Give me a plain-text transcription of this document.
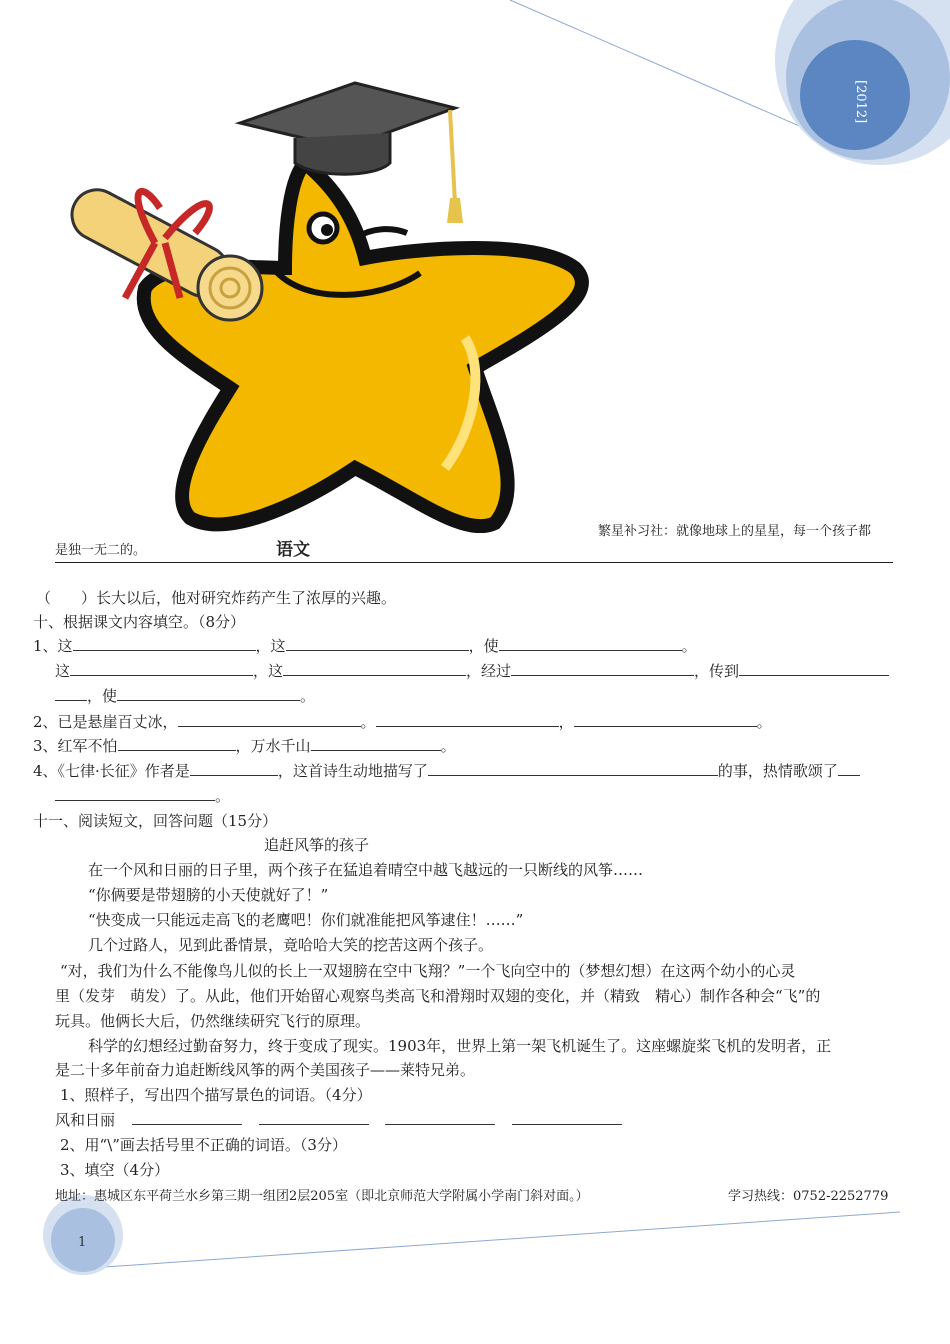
[2012]
繁星补习社：就像地球上的星星，每一个孩子都
是独一无二的。	语文
（　　）长大以后，他对研究炸药产生了浓厚的兴趣。
十、根据课文内容填空。（8分）
1、这	，这	，使	。
这	，这	，经过	，传到
，使	。
2、已是悬崖百丈冰，	。	，	。
3、红军不怕	，万水千山	。
4、《七律·长征》作者是	，这首诗生动地描写了	的事，热情歌颂了
。
十一、阅读短文，回答问题（15分）
追赶风筝的孩子
在一个风和日丽的日子里，两个孩子在猛追着晴空中越飞越远的一只断线的风筝……
“你俩要是带翅膀的小天使就好了！”
“快变成一只能远走高飞的老鹰吧！你们就准能把风筝逮住！……”
几个过路人，见到此番情景，竟哈哈大笑的挖苦这两个孩子。
“对，我们为什么不能像鸟儿似的长上一双翅膀在空中飞翔？”一个飞向空中的（梦想幻想）在这两个幼小的心灵
里（发芽　萌发）了。从此，他们开始留心观察鸟类高飞和滑翔时双翅的变化，并（精致　精心）制作各种会“飞”的
玩具。他俩长大后，仍然继续研究飞行的原理。
科学的幻想经过勤奋努力，终于变成了现实。1903年，世界上第一架飞机诞生了。这座螺旋桨飞机的发明者，正
是二十多年前奋力追赶断线风筝的两个美国孩子——莱特兄弟。
1、照样子，写出四个描写景色的词语。（4分）
风和日丽
2、用“\”画去括号里不正确的词语。（3分）
3、填空（4分）
地址：惠城区东平荷兰水乡第三期一组团2层205室（即北京师范大学附属小学南门斜对面。）	学习热线：0752-2252779
1
